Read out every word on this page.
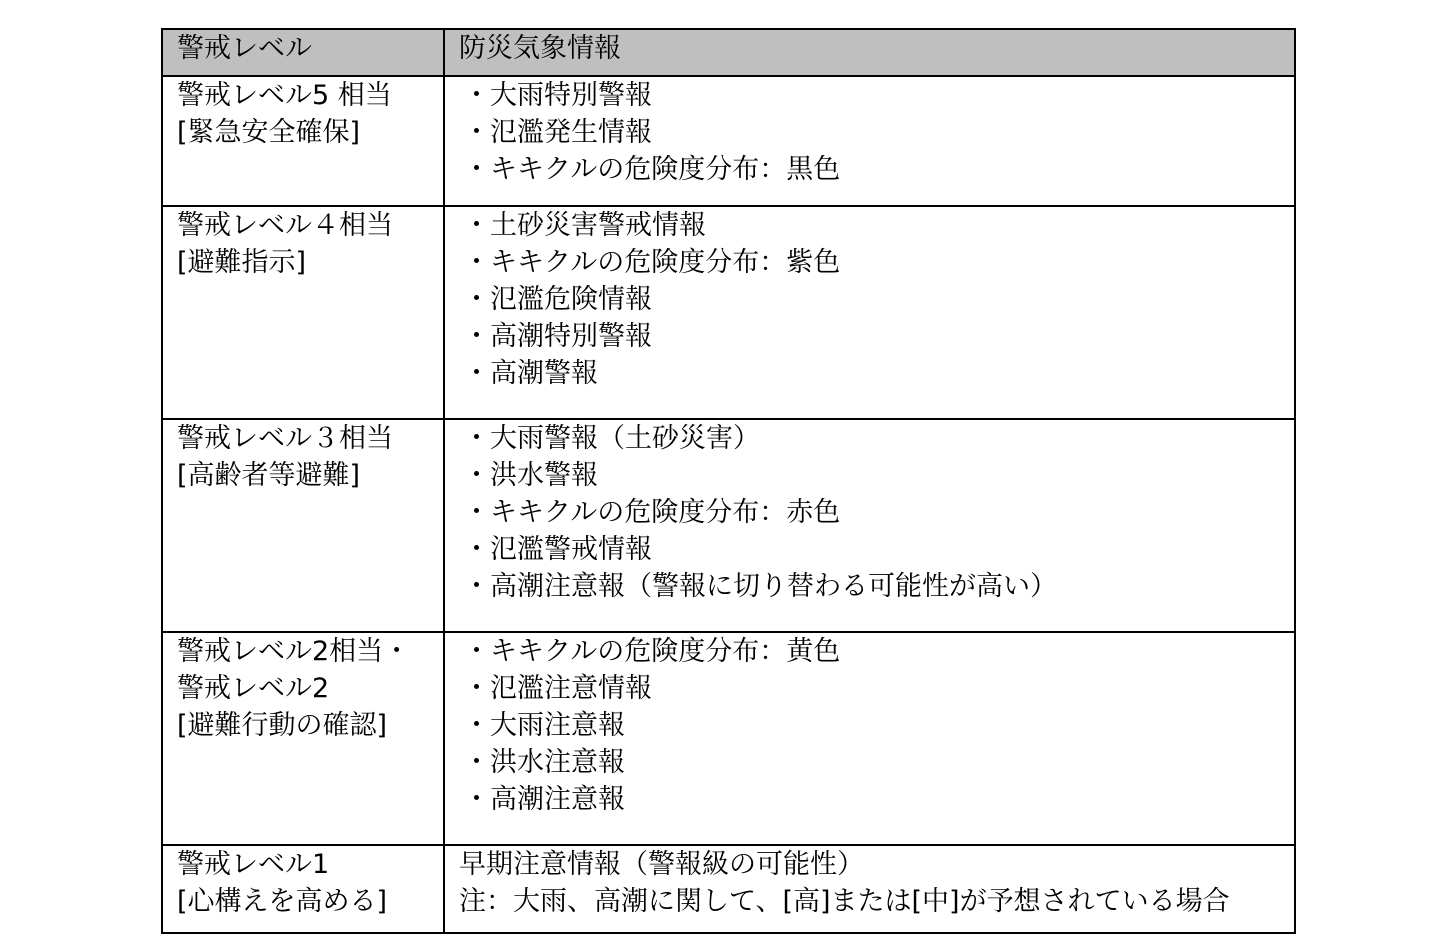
警戒レベル	防災気象情報

警戒レベル5 相当
[緊急安全確保]	・大雨特別警報
・氾濫発生情報
・キキクルの危険度分布：黒色

警戒レベル４相当
[避難指示]	・土砂災害警戒情報
・キキクルの危険度分布：紫色
・氾濫危険情報
・高潮特別警報
・高潮警報

警戒レベル３相当
[高齢者等避難]	・大雨警報（土砂災害）
・洪水警報
・キキクルの危険度分布：赤色
・氾濫警戒情報
・高潮注意報（警報に切り替わる可能性が高い）

警戒レベル2相当・
警戒レベル2
[避難行動の確認]	・キキクルの危険度分布：黄色
・氾濫注意情報
・大雨注意報
・洪水注意報
・高潮注意報

警戒レベル1
[心構えを高める]	早期注意情報（警報級の可能性）
注：大雨、高潮に関して、[高]または[中]が予想されている場合
